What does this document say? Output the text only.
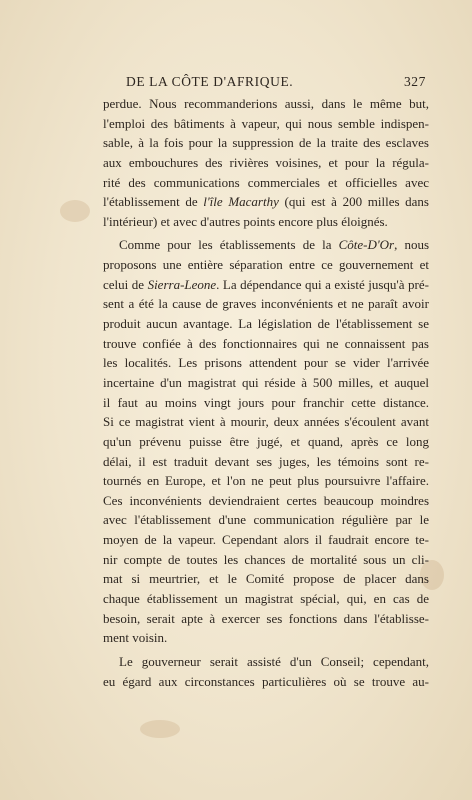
DE LA CÔTE D'AFRIQUE.	327
perdue. Nous recommanderions aussi, dans le même but,
l'emploi des bâtiments à vapeur, qui nous semble indispen-
sable, à la fois pour la suppression de la traite des esclaves
aux embouchures des rivières voisines, et pour la régula-
rité des communications commerciales et officielles avec
l'établissement de l'île Macarthy (qui est à 200 milles dans
l'intérieur) et avec d'autres points encore plus éloignés.
Comme pour les établissements de la Côte-D'Or, nous
proposons une entière séparation entre ce gouvernement et
celui de Sierra-Leone. La dépendance qui a existé jusqu'à pré-
sent a été la cause de graves inconvénients et ne paraît avoir
produit aucun avantage. La législation de l'établissement se
trouve confiée à des fonctionnaires qui ne connaissent pas
les localités. Les prisons attendent pour se vider l'arrivée
incertaine d'un magistrat qui réside à 500 milles, et auquel
il faut au moins vingt jours pour franchir cette distance.
Si ce magistrat vient à mourir, deux années s'écoulent avant
qu'un prévenu puisse être jugé, et quand, après ce long
délai, il est traduit devant ses juges, les témoins sont re-
tournés en Europe, et l'on ne peut plus poursuivre l'affaire.
Ces inconvénients deviendraient certes beaucoup moindres
avec l'établissement d'une communication régulière par le
moyen de la vapeur. Cependant alors il faudrait encore te-
nir compte de toutes les chances de mortalité sous un cli-
mat si meurtrier, et le Comité propose de placer dans
chaque établissement un magistrat spécial, qui, en cas de
besoin, serait apte à exercer ses fonctions dans l'établisse-
ment voisin.
Le gouverneur serait assisté d'un Conseil; cependant,
eu égard aux circonstances particulières où se trouve au-
